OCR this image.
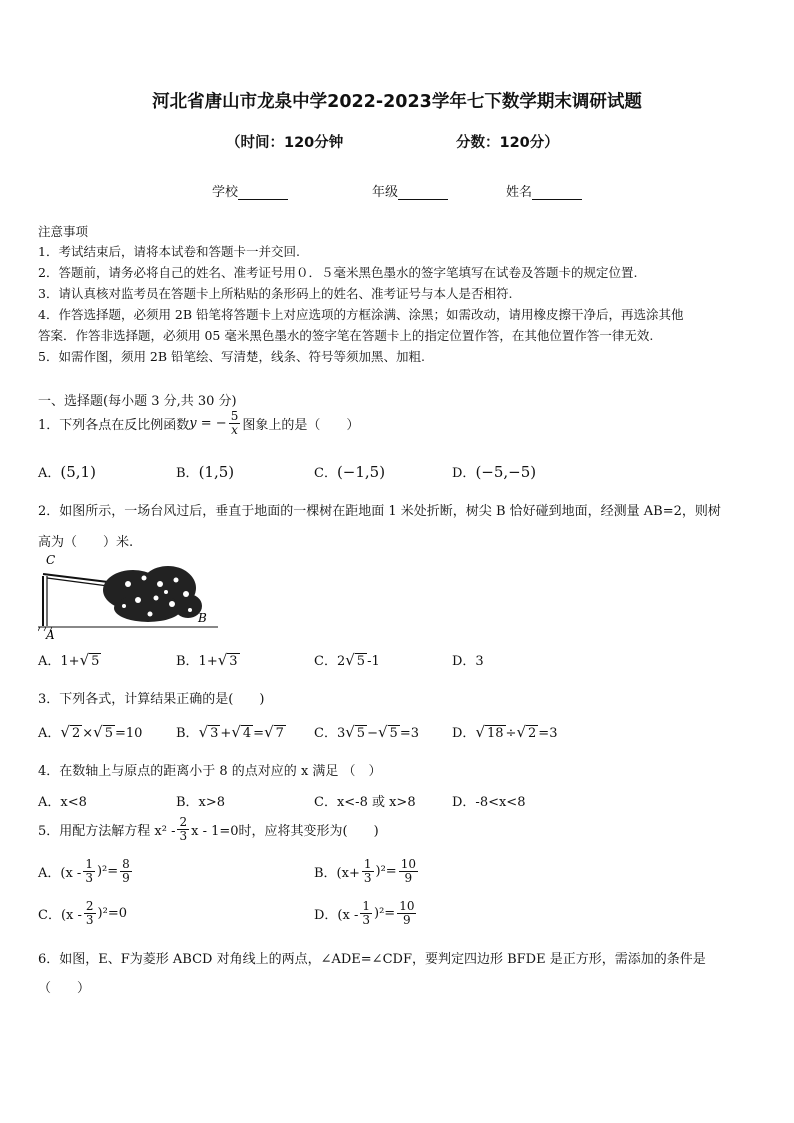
河北省唐山市龙泉中学2022-2023学年七下数学期末调研试题
（时间：120分钟	分数：120分）
学校	年级	姓名
注意事项
1．考试结束后，请将本试卷和答题卡一并交回.
2．答题前，请务必将自己的姓名、准考证号用０．５毫米黑色墨水的签字笔填写在试卷及答题卡的规定位置.
3．请认真核对监考员在答题卡上所粘贴的条形码上的姓名、准考证号与本人是否相符.
4．作答选择题，必须用 2B 铅笔将答题卡上对应选项的方框涂满、涂黑；如需改动，请用橡皮擦干净后，再选涂其他
答案．作答非选择题，必须用 05 毫米黑色墨水的签字笔在答题卡上的指定位置作答，在其他位置作答一律无效.
5．如需作图，须用 2B 铅笔绘、写清楚，线条、符号等须加黑、加粗.
一、选择题(每小题 3 分,共 30 分)
1．下列各点在反比例函数 y = − $\frac{5}{x}$ 图象上的是（　　）
A．(5,1)	B．(1,5)	C．(−1,5)	D．(−5,−5)
2．如图所示，一场台风过后，垂直于地面的一棵树在距地面 1 米处折断，树尖 B 恰好碰到地面，经测量 AB=2，则树
高为（　　）米.
C
A
B
A．1+√ 5	B．1+√ 3	C．2√ 5 -1	D．3
3．下列各式，计算结果正确的是(　　)
A．√ 2 ×√ 5 =10	B．√ 3 +√ 4 =√ 7 C．3√ 5 −√ 5 =3	D．√ 18 ÷√ 2 =3
4．在数轴上与原点的距离小于 8 的点对应的 x 满足 （　）
A．x<8	B．x>8	C．x<-8 或 x>8	D．-8<x<8
5．用配方法解方程 $x^2 - \frac{2}{3}$ x - 1=0时，应将其变形为(　　)
A．$(x - \frac{1}{3} )^2= \frac{8}{9}$	B．$(x+ \frac{1}{3} )^2= \frac{10}{9}$
C．$(x - \frac{2}{3} )^2=0$	D．$(x - \frac{1}{3} )^2= \frac{10}{9}$
6．如图，E、F为菱形 ABCD 对角线上的两点，∠ADE=∠CDF，要判定四边形 BFDE 是正方形，需添加的条件是
（　　）
